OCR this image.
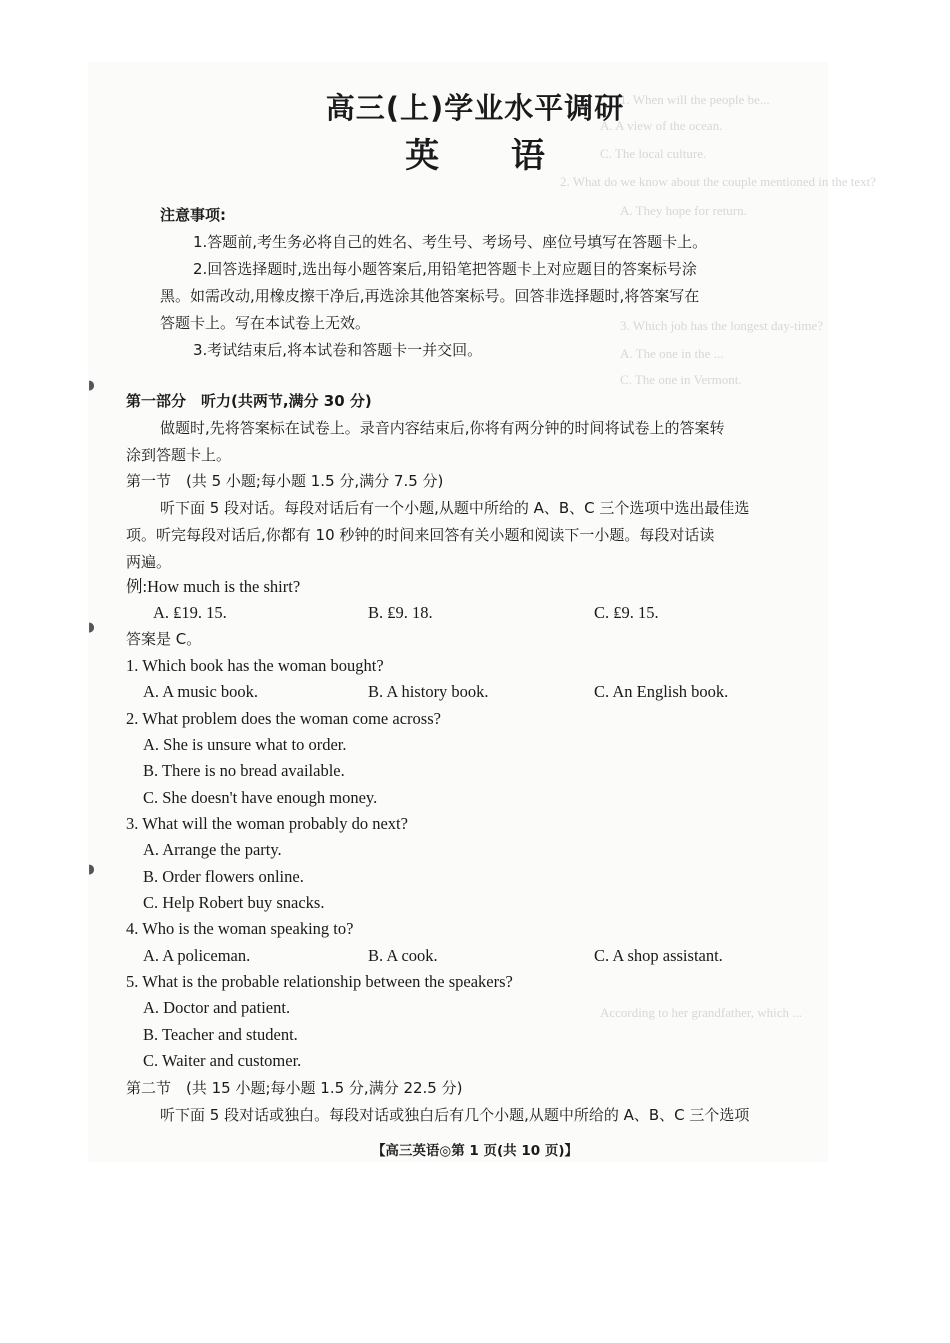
1. When will the people be...
A. A view of the ocean.
C. The local culture.
2. What do we know about the couple mentioned in the text?
A. They hope for return.
3. Which job has the longest day-time?
A. The one in the ...
C. The one in Vermont.
According to her grandfather, which ...
◗
◗
◗
高三(上)学业水平调研
英 语
注意事项:
1.答题前,考生务必将自己的姓名、考生号、考场号、座位号填写在答题卡上。
2.回答选择题时,选出每小题答案后,用铅笔把答题卡上对应题目的答案标号涂
黑。如需改动,用橡皮擦干净后,再选涂其他答案标号。回答非选择题时,将答案写在
答题卡上。写在本试卷上无效。
3.考试结束后,将本试卷和答题卡一并交回。
第一部分　听力(共两节,满分 30 分)
做题时,先将答案标在试卷上。录音内容结束后,你将有两分钟的时间将试卷上的答案转
涂到答题卡上。
第一节　(共 5 小题;每小题 1.5 分,满分 7.5 分)
听下面 5 段对话。每段对话后有一个小题,从题中所给的 A、B、C 三个选项中选出最佳选
项。听完每段对话后,你都有 10 秒钟的时间来回答有关小题和阅读下一小题。每段对话读
两遍。
例:How much is the shirt?
A. ₤19. 15.	B. ₤9. 18.	C. ₤9. 15.
答案是 C。
1. Which book has the woman bought?
A. A music book.	B. A history book.	C. An English book.
2. What problem does the woman come across?
A. She is unsure what to order.
B. There is no bread available.
C. She doesn't have enough money.
3. What will the woman probably do next?
A. Arrange the party.
B. Order flowers online.
C. Help Robert buy snacks.
4. Who is the woman speaking to?
A. A policeman.	B. A cook.	C. A shop assistant.
5. What is the probable relationship between the speakers?
A. Doctor and patient.
B. Teacher and student.
C. Waiter and customer.
第二节　(共 15 小题;每小题 1.5 分,满分 22.5 分)
听下面 5 段对话或独白。每段对话或独白后有几个小题,从题中所给的 A、B、C 三个选项
【高三英语◎第 1 页(共 10 页)】
